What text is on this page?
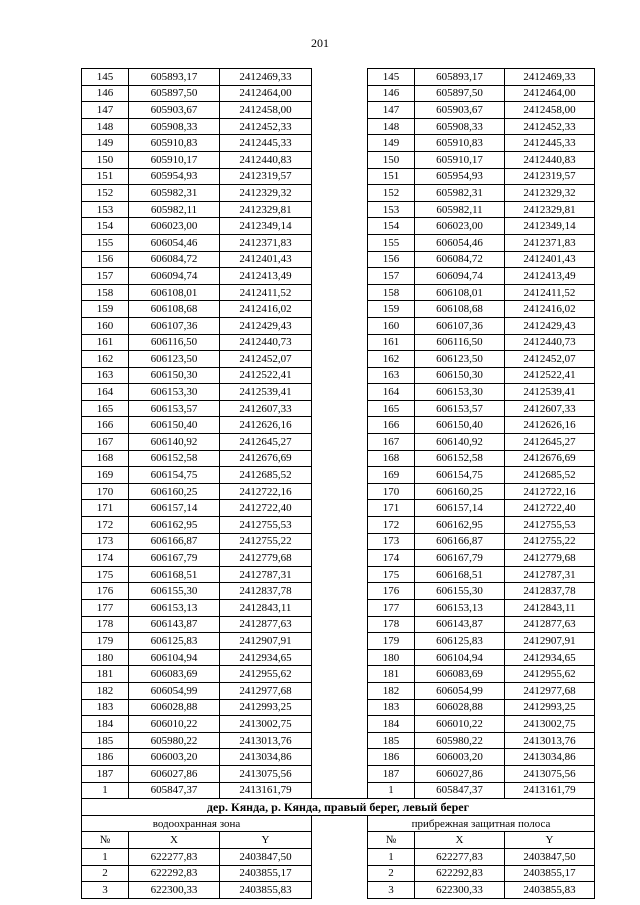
201
145	605893,17	2412469,33		145	605893,17	2412469,33
146	605897,50	2412464,00		146	605897,50	2412464,00
147	605903,67	2412458,00		147	605903,67	2412458,00
148	605908,33	2412452,33		148	605908,33	2412452,33
149	605910,83	2412445,33		149	605910,83	2412445,33
150	605910,17	2412440,83		150	605910,17	2412440,83
151	605954,93	2412319,57		151	605954,93	2412319,57
152	605982,31	2412329,32		152	605982,31	2412329,32
153	605982,11	2412329,81		153	605982,11	2412329,81
154	606023,00	2412349,14		154	606023,00	2412349,14
155	606054,46	2412371,83		155	606054,46	2412371,83
156	606084,72	2412401,43		156	606084,72	2412401,43
157	606094,74	2412413,49		157	606094,74	2412413,49
158	606108,01	2412411,52		158	606108,01	2412411,52
159	606108,68	2412416,02		159	606108,68	2412416,02
160	606107,36	2412429,43		160	606107,36	2412429,43
161	606116,50	2412440,73		161	606116,50	2412440,73
162	606123,50	2412452,07		162	606123,50	2412452,07
163	606150,30	2412522,41		163	606150,30	2412522,41
164	606153,30	2412539,41		164	606153,30	2412539,41
165	606153,57	2412607,33		165	606153,57	2412607,33
166	606150,40	2412626,16		166	606150,40	2412626,16
167	606140,92	2412645,27		167	606140,92	2412645,27
168	606152,58	2412676,69		168	606152,58	2412676,69
169	606154,75	2412685,52		169	606154,75	2412685,52
170	606160,25	2412722,16		170	606160,25	2412722,16
171	606157,14	2412722,40		171	606157,14	2412722,40
172	606162,95	2412755,53		172	606162,95	2412755,53
173	606166,87	2412755,22		173	606166,87	2412755,22
174	606167,79	2412779,68		174	606167,79	2412779,68
175	606168,51	2412787,31		175	606168,51	2412787,31
176	606155,30	2412837,78		176	606155,30	2412837,78
177	606153,13	2412843,11		177	606153,13	2412843,11
178	606143,87	2412877,63		178	606143,87	2412877,63
179	606125,83	2412907,91		179	606125,83	2412907,91
180	606104,94	2412934,65		180	606104,94	2412934,65
181	606083,69	2412955,62		181	606083,69	2412955,62
182	606054,99	2412977,68		182	606054,99	2412977,68
183	606028,88	2412993,25		183	606028,88	2412993,25
184	606010,22	2413002,75		184	606010,22	2413002,75
185	605980,22	2413013,76		185	605980,22	2413013,76
186	606003,20	2413034,86		186	606003,20	2413034,86
187	606027,86	2413075,56		187	606027,86	2413075,56
1	605847,37	2413161,79		1	605847,37	2413161,79
дер. Кянда, р. Кянда, правый берег, левый берег						
водоохранная зона				прибрежная защитная полоса		
№	X	Y		№	X	Y
1	622277,83	2403847,50		1	622277,83	2403847,50
2	622292,83	2403855,17		2	622292,83	2403855,17
3	622300,33	2403855,83		3	622300,33	2403855,83
